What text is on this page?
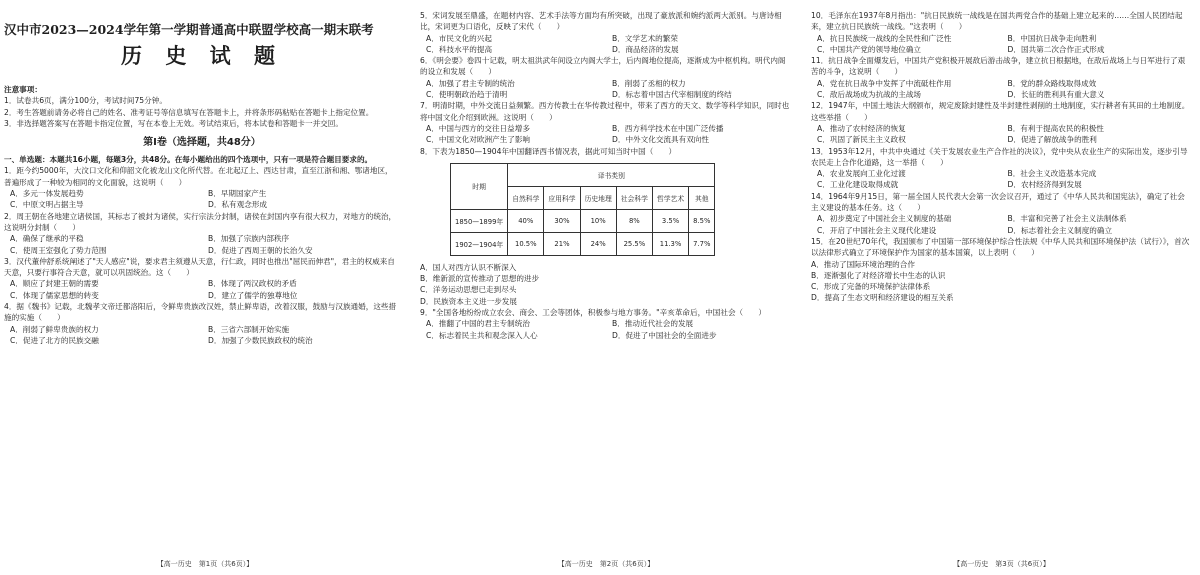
汉中市2023—2024学年第一学期普通高中联盟学校高一期末联考

历 史 试 题

注意事项：

1．试卷共6页，满分100分，考试时间75分钟。

2．考生答题前请务必将自己的姓名、准考证号等信息填写在答题卡上，并将条形码粘贴在答题卡上指定位置。

3．非选择题答案写在答题卡指定位置，写在本卷上无效。考试结束后，将本试卷和答题卡一并交回。

第Ⅰ卷（选择题，共48分）

一、单选题：本题共16小题，每题3分，共48分。在每小题给出的四个选项中，只有一项是符合题目要求的。

1．距今约5000年，大汶口文化和仰韶文化被龙山文化所代替。在北起辽上、西达甘肃，直至江浙和湘、鄂诸地区，普遍形成了一种较为相同的文化面貌，这说明（　　）

A．多元一体发展趋势	B．早期国家产生
C．中原文明占据主导	D．私有观念形成

2．周王朝在各地建立诸侯国，其标志了被封为诸侯，实行宗法分封制，诸侯在封国内享有很大权力，对地方的统治，这说明分封制（　　）

A．确保了继承的平稳	B．加强了宗族内部秩序
C．使周王室强化了势力范围	D．促进了西周王朝的长治久安

3．汉代董仲舒系统阐述了"天人感应"说，要求君主须遵从天意，行仁政，同时也推出"屈民而伸君"，君主的权威来自天意，只要行事符合天意，就可以巩固统治。这（　　）

A．顺应了封建王朝的需要	B．体现了两汉政权的矛盾
C．体现了儒家思想的转变	D．建立了儒学的独尊地位

4．据《魏书》记载，北魏孝文帝迁都洛阳后，令鲜卑贵族改汉姓，禁止鲜卑语，改着汉服，鼓励与汉族通婚，这些措施的实施（　　）

A．削弱了鲜卑贵族的权力	B．三省六部制开始实施
C．促进了北方的民族交融	D．加强了少数民族政权的统治
【高一历史　第1页（共6页）】

5．宋词发展至鼎盛，在题材内容、艺术手法等方面均有所突破，出现了豪放派和婉约派两大派别。与唐诗相比，宋词更为口语化，反映了宋代（　　）

A．市民文化的兴起	B．文学艺术的繁荣
C．科技水平的提高	D．商品经济的发展

6．《明会要》卷四十记载，明太祖洪武年间设立内阁大学士，后内阁地位提高，逐渐成为中枢机构。明代内阁的设立和发展（　　）

A．加强了君主专制的统治	B．削弱了丞相的权力
C．使明朝政治趋于清明	D．标志着中国古代宰相制度的终结

7．明清时期，中外交流日益频繁。西方传教士在华传教过程中，带来了西方的天文、数学等科学知识，同时也将中国文化介绍到欧洲。这说明（　　）

A．中国与西方的交往日益增多	B．西方科学技术在中国广泛传播
C．中国文化对欧洲产生了影响	D．中外文化交流具有双向性

8．下表为1850—1904年中国翻译西书情况表，据此可知当时中国（　　）

时期	译书类别					
	自然科学	应用科学	历史地理	社会科学	哲学艺术	其他
1850—1899年	40%	30%	10%	8%	3.5%	8.5%
1902—1904年	10.5%	21%	24%	25.5%	11.3%	7.7%

A．国人对西方认识不断深入

B．维新派的宣传推动了思想的进步

C．洋务运动思想已走到尽头

D．民族资本主义进一步发展

9．"全国各地纷纷成立农会、商会、工会等团体，积极参与地方事务。"辛亥革命后，中国社会（　　）

A．推翻了中国的君主专制统治	B．推动近代社会的发展
C．标志着民主共和观念深入人心	D．促进了中国社会的全面进步
【高一历史　第2页（共6页）】

10．毛泽东在1937年8月指出："抗日民族统一战线是在国共两党合作的基础上建立起来的……全国人民团结起来，建立抗日民族统一战线。"这表明（　　）

A．抗日民族统一战线的全民性和广泛性	B．中国抗日战争走向胜利
C．中国共产党的领导地位确立	D．国共第二次合作正式形成

11．抗日战争全面爆发后，中国共产党积极开展敌后游击战争，建立抗日根据地，在敌后战场上与日军进行了艰苦的斗争，这说明（　　）

A．党在抗日战争中发挥了中流砥柱作用	B．党的群众路线取得成效
C．敌后战场成为抗战的主战场	D．长征的胜利具有重大意义

12．1947年，中国土地法大纲颁布，规定废除封建性及半封建性剥削的土地制度，实行耕者有其田的土地制度。这些举措（　　）

A．推动了农村经济的恢复	B．有利于提高农民的积极性
C．巩固了新民主主义政权	D．促进了解放战争的胜利

13．1953年12月，中共中央通过《关于发展农业生产合作社的决议》，党中央从农业生产的实际出发，逐步引导农民走上合作化道路，这一举措（　　）

A．农业发展向工业化过渡	B．社会主义改造基本完成
C．工业化建设取得成就	D．农村经济得到发展

14．1964年9月15日，第一届全国人民代表大会第一次会议召开，通过了《中华人民共和国宪法》，确定了社会主义建设的基本任务。这（　　）

A．初步奠定了中国社会主义制度的基础	B．丰富和完善了社会主义法制体系
C．开启了中国社会主义现代化建设	D．标志着社会主义制度的确立

15．在20世纪70年代，我国颁布了中国第一部环境保护综合性法规《中华人民共和国环境保护法（试行）》，首次以法律形式确立了环境保护作为国家的基本国策，以上表明（　　）

A．推动了国际环境治理的合作

B．逐渐强化了对经济增长中生态的认识

C．形成了完备的环境保护法律体系

D．提高了生态文明和经济建设的相互关系

【高一历史　第3页（共6页）】
